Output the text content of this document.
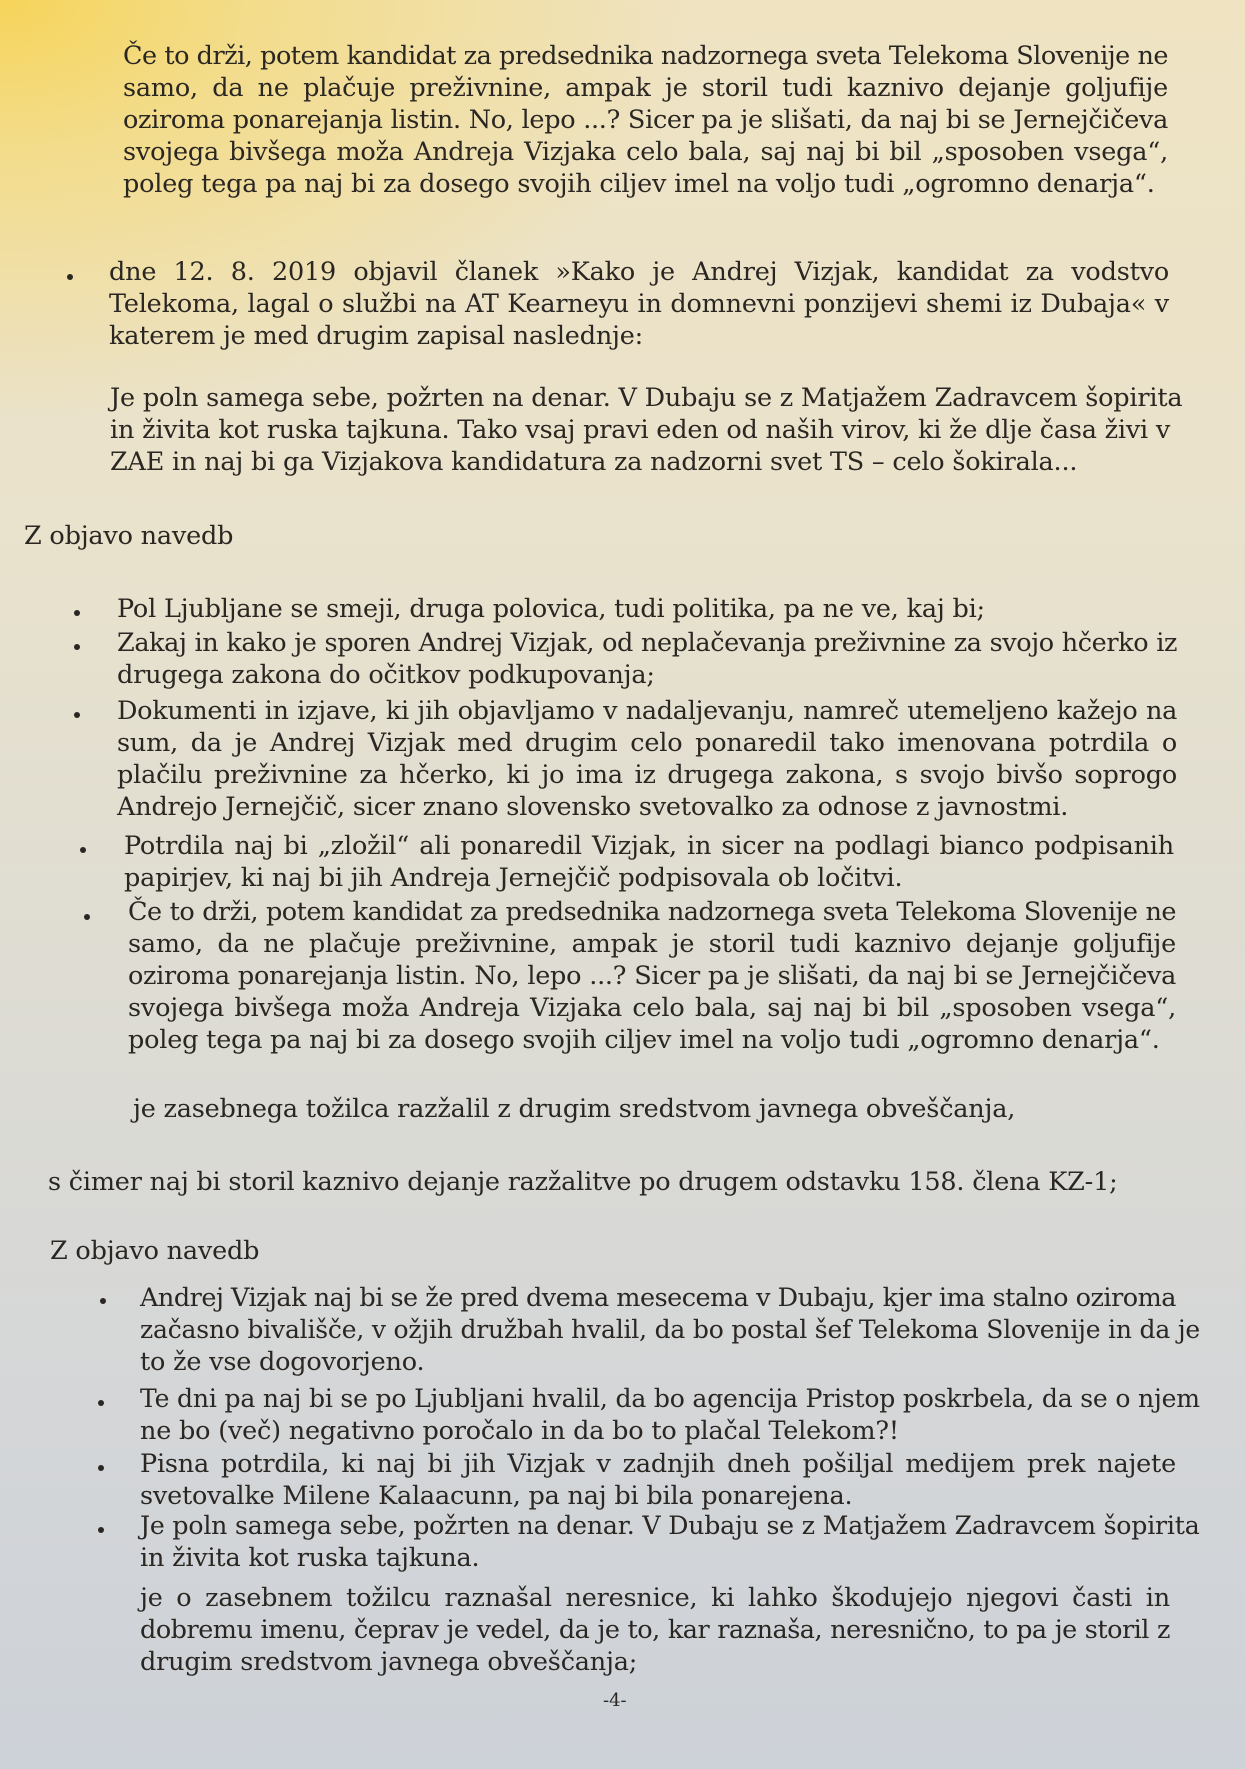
Če to drži, potem kandidat za predsednika nadzornega sveta Telekoma Slovenije ne
samo, da ne plačuje preživnine, ampak je storil tudi kaznivo dejanje goljufije
oziroma ponarejanja listin. No, lepo ...? Sicer pa je slišati, da naj bi se Jernejčičeva
svojega bivšega moža Andreja Vizjaka celo bala, saj naj bi bil „sposoben vsega“,
poleg tega pa naj bi za dosego svojih ciljev imel na voljo tudi „ogromno denarja“.
dne 12. 8. 2019 objavil članek »Kako je Andrej Vizjak, kandidat za vodstvo
Telekoma, lagal o službi na AT Kearneyu in domnevni ponzijevi shemi iz Dubaja« v
katerem je med drugim zapisal naslednje:
Je poln samega sebe, požrten na denar. V Dubaju se z Matjažem Zadravcem šopirita
in živita kot ruska tajkuna. Tako vsaj pravi eden od naših virov, ki že dlje časa živi v
ZAE in naj bi ga Vizjakova kandidatura za nadzorni svet TS – celo šokirala...
Z objavo navedb
Pol Ljubljane se smeji, druga polovica, tudi politika, pa ne ve, kaj bi;
Zakaj in kako je sporen Andrej Vizjak, od neplačevanja preživnine za svojo hčerko iz
drugega zakona do očitkov podkupovanja;
Dokumenti in izjave, ki jih objavljamo v nadaljevanju, namreč utemeljeno kažejo na
sum, da je Andrej Vizjak med drugim celo ponaredil tako imenovana potrdila o
plačilu preživnine za hčerko, ki jo ima iz drugega zakona, s svojo bivšo soprogo
Andrejo Jernejčič, sicer znano slovensko svetovalko za odnose z javnostmi.
Potrdila naj bi „zložil“ ali ponaredil Vizjak, in sicer na podlagi bianco podpisanih
papirjev, ki naj bi jih Andreja Jernejčič podpisovala ob ločitvi.
Če to drži, potem kandidat za predsednika nadzornega sveta Telekoma Slovenije ne
samo, da ne plačuje preživnine, ampak je storil tudi kaznivo dejanje goljufije
oziroma ponarejanja listin. No, lepo ...? Sicer pa je slišati, da naj bi se Jernejčičeva
svojega bivšega moža Andreja Vizjaka celo bala, saj naj bi bil „sposoben vsega“,
poleg tega pa naj bi za dosego svojih ciljev imel na voljo tudi „ogromno denarja“.
je zasebnega tožilca razžalil z drugim sredstvom javnega obveščanja,
s čimer naj bi storil kaznivo dejanje razžalitve po drugem odstavku 158. člena KZ-1;
Z objavo navedb
Andrej Vizjak naj bi se že pred dvema mesecema v Dubaju, kjer ima stalno oziroma
začasno bivališče, v ožjih družbah hvalil, da bo postal šef Telekoma Slovenije in da je
to že vse dogovorjeno.
Te dni pa naj bi se po Ljubljani hvalil, da bo agencija Pristop poskrbela, da se o njem
ne bo (več) negativno poročalo in da bo to plačal Telekom?!
Pisna potrdila, ki naj bi jih Vizjak v zadnjih dneh pošiljal medijem prek najete
svetovalke Milene Kalaacunn, pa naj bi bila ponarejena.
Je poln samega sebe, požrten na denar. V Dubaju se z Matjažem Zadravcem šopirita
in živita kot ruska tajkuna.
je o zasebnem tožilcu raznašal neresnice, ki lahko škodujejo njegovi časti in
dobremu imenu, čeprav je vedel, da je to, kar raznaša, neresnično, to pa je storil z
drugim sredstvom javnega obveščanja;
-4-
